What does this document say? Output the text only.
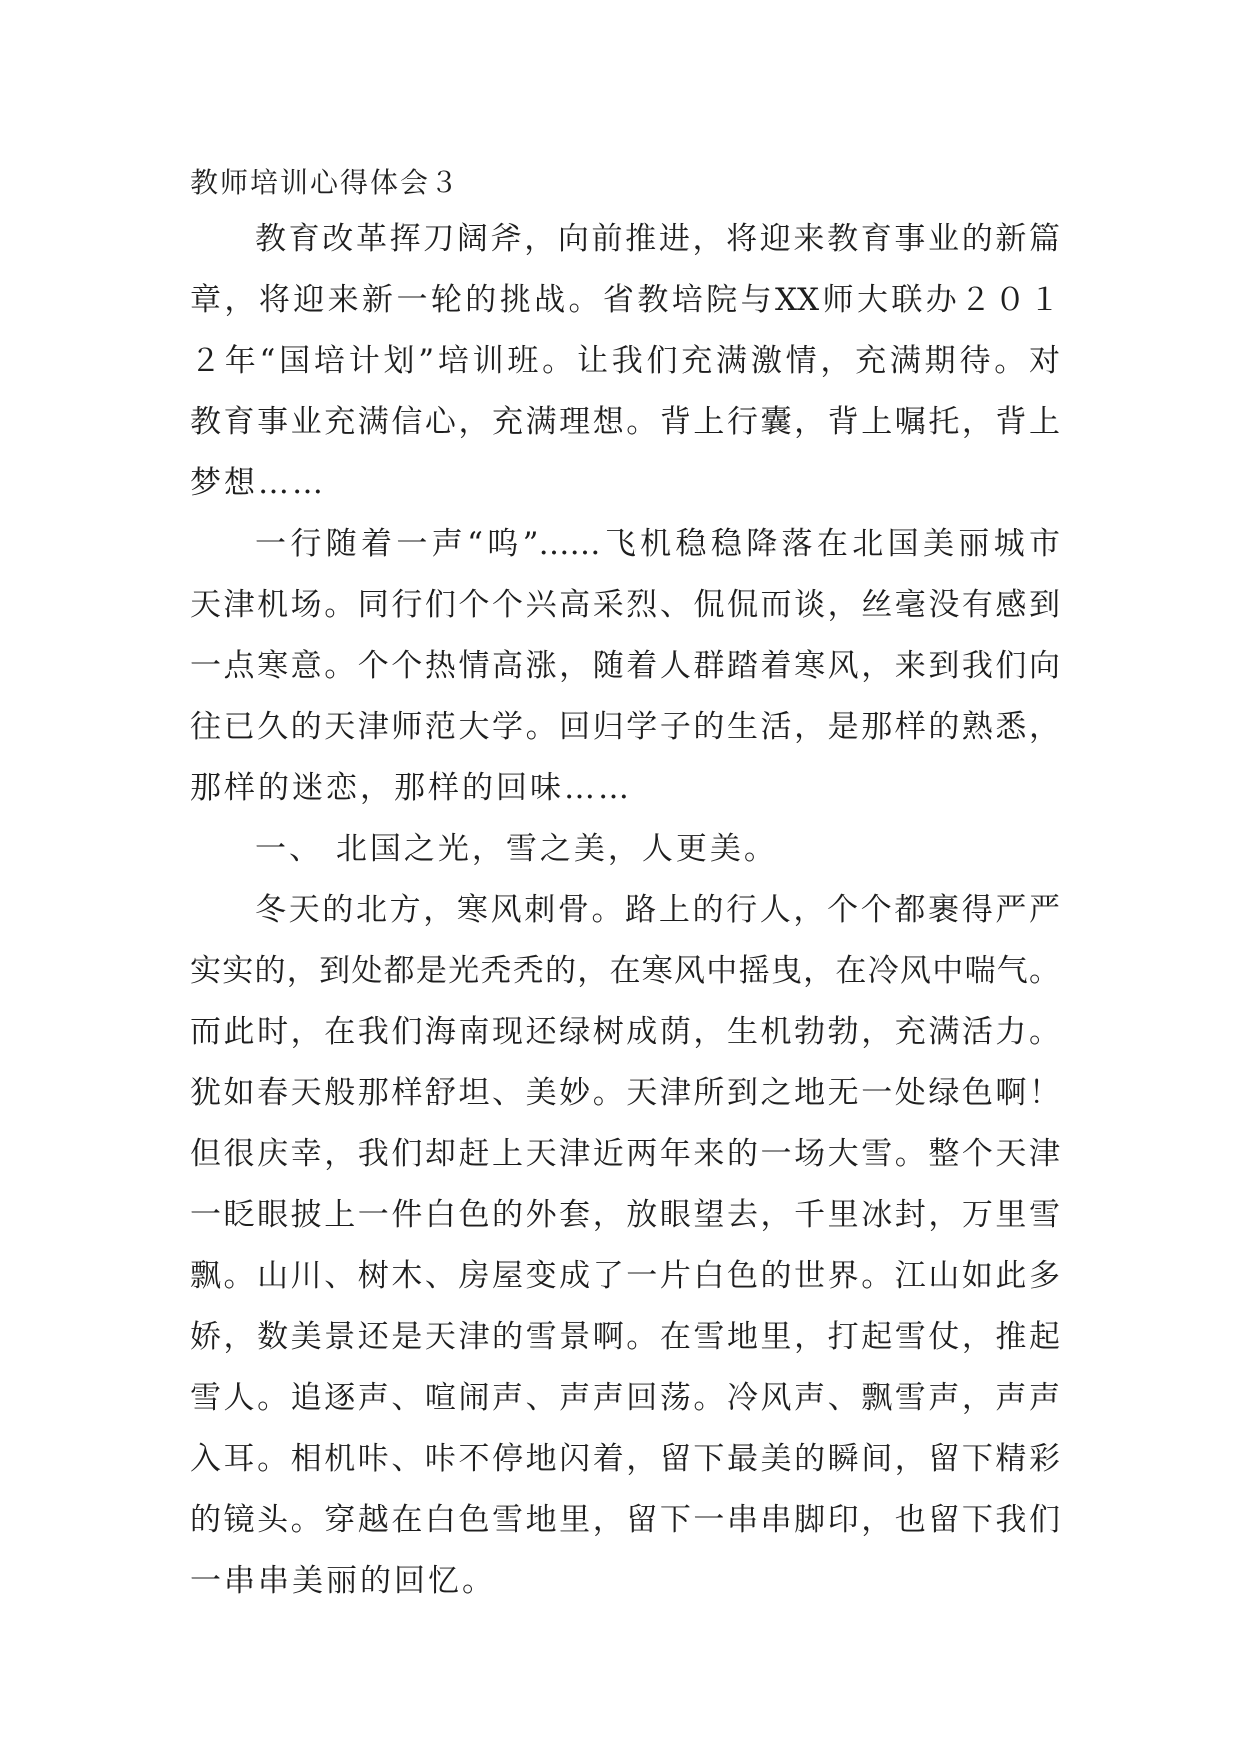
教师培训心得体会３
教育改革挥刀阔斧，向前推进，将迎来教育事业的新篇
章，将迎来新一轮的挑战。省教培院与XX师大联办２０１
２年“国培计划”培训班。让我们充满激情，充满期待。对
教育事业充满信心，充满理想。背上行囊，背上嘱托，背上
梦想……
一行随着一声“呜”……飞机稳稳降落在北国美丽城市
天津机场。同行们个个兴高采烈、侃侃而谈，丝毫没有感到
一点寒意。个个热情高涨，随着人群踏着寒风，来到我们向
往已久的天津师范大学。回归学子的生活，是那样的熟悉，
那样的迷恋，那样的回味……
一、 北国之光，雪之美，人更美。
冬天的北方，寒风刺骨。路上的行人，个个都裹得严严
实实的，到处都是光秃秃的，在寒风中摇曳，在冷风中喘气。
而此时，在我们海南现还绿树成荫，生机勃勃，充满活力。
犹如春天般那样舒坦、美妙。天津所到之地无一处绿色啊！
但很庆幸，我们却赶上天津近两年来的一场大雪。整个天津
一眨眼披上一件白色的外套，放眼望去，千里冰封，万里雪
飘。山川、树木、房屋变成了一片白色的世界。江山如此多
娇，数美景还是天津的雪景啊。在雪地里，打起雪仗，推起
雪人。追逐声、喧闹声、声声回荡。冷风声、飘雪声，声声
入耳。相机咔、咔不停地闪着，留下最美的瞬间，留下精彩
的镜头。穿越在白色雪地里，留下一串串脚印，也留下我们
一串串美丽的回忆。
